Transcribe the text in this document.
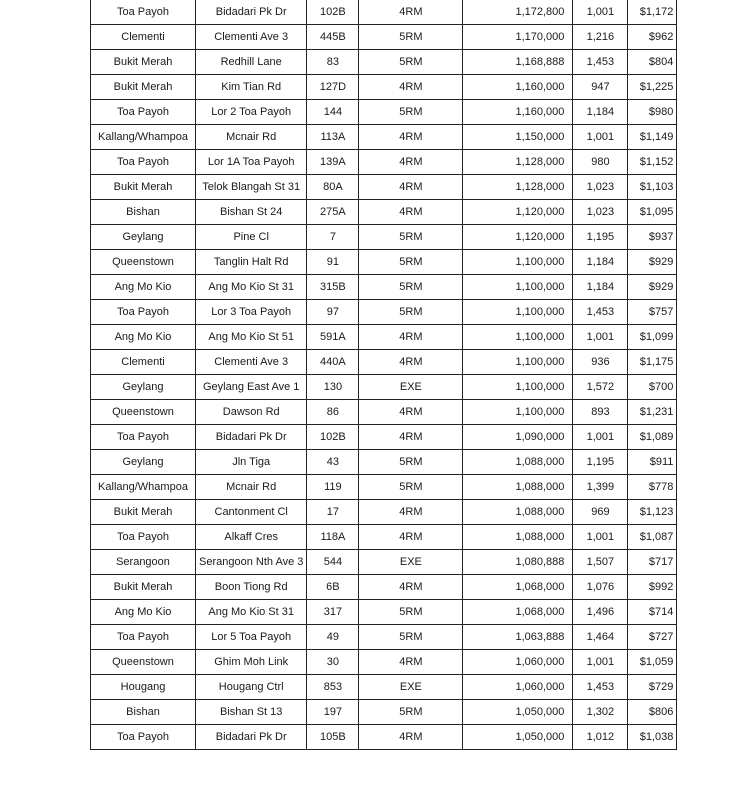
Toa Payoh	Bidadari Pk Dr	102B	4RM	1,172,800	1,001	$1,172
Clementi	Clementi Ave 3	445B	5RM	1,170,000	1,216	$962
Bukit Merah	Redhill Lane	83	5RM	1,168,888	1,453	$804
Bukit Merah	Kim Tian Rd	127D	4RM	1,160,000	947	$1,225
Toa Payoh	Lor 2 Toa Payoh	144	5RM	1,160,000	1,184	$980
Kallang/Whampoa	Mcnair Rd	113A	4RM	1,150,000	1,001	$1,149
Toa Payoh	Lor 1A Toa Payoh	139A	4RM	1,128,000	980	$1,152
Bukit Merah	Telok Blangah St 31	80A	4RM	1,128,000	1,023	$1,103
Bishan	Bishan St 24	275A	4RM	1,120,000	1,023	$1,095
Geylang	Pine Cl	7	5RM	1,120,000	1,195	$937
Queenstown	Tanglin Halt Rd	91	5RM	1,100,000	1,184	$929
Ang Mo Kio	Ang Mo Kio St 31	315B	5RM	1,100,000	1,184	$929
Toa Payoh	Lor 3 Toa Payoh	97	5RM	1,100,000	1,453	$757
Ang Mo Kio	Ang Mo Kio St 51	591A	4RM	1,100,000	1,001	$1,099
Clementi	Clementi Ave 3	440A	4RM	1,100,000	936	$1,175
Geylang	Geylang East Ave 1	130	EXE	1,100,000	1,572	$700
Queenstown	Dawson Rd	86	4RM	1,100,000	893	$1,231
Toa Payoh	Bidadari Pk Dr	102B	4RM	1,090,000	1,001	$1,089
Geylang	Jln Tiga	43	5RM	1,088,000	1,195	$911
Kallang/Whampoa	Mcnair Rd	119	5RM	1,088,000	1,399	$778
Bukit Merah	Cantonment Cl	17	4RM	1,088,000	969	$1,123
Toa Payoh	Alkaff Cres	118A	4RM	1,088,000	1,001	$1,087
Serangoon	Serangoon Nth Ave 3	544	EXE	1,080,888	1,507	$717
Bukit Merah	Boon Tiong Rd	6B	4RM	1,068,000	1,076	$992
Ang Mo Kio	Ang Mo Kio St 31	317	5RM	1,068,000	1,496	$714
Toa Payoh	Lor 5 Toa Payoh	49	5RM	1,063,888	1,464	$727
Queenstown	Ghim Moh Link	30	4RM	1,060,000	1,001	$1,059
Hougang	Hougang Ctrl	853	EXE	1,060,000	1,453	$729
Bishan	Bishan St 13	197	5RM	1,050,000	1,302	$806
Toa Payoh	Bidadari Pk Dr	105B	4RM	1,050,000	1,012	$1,038
